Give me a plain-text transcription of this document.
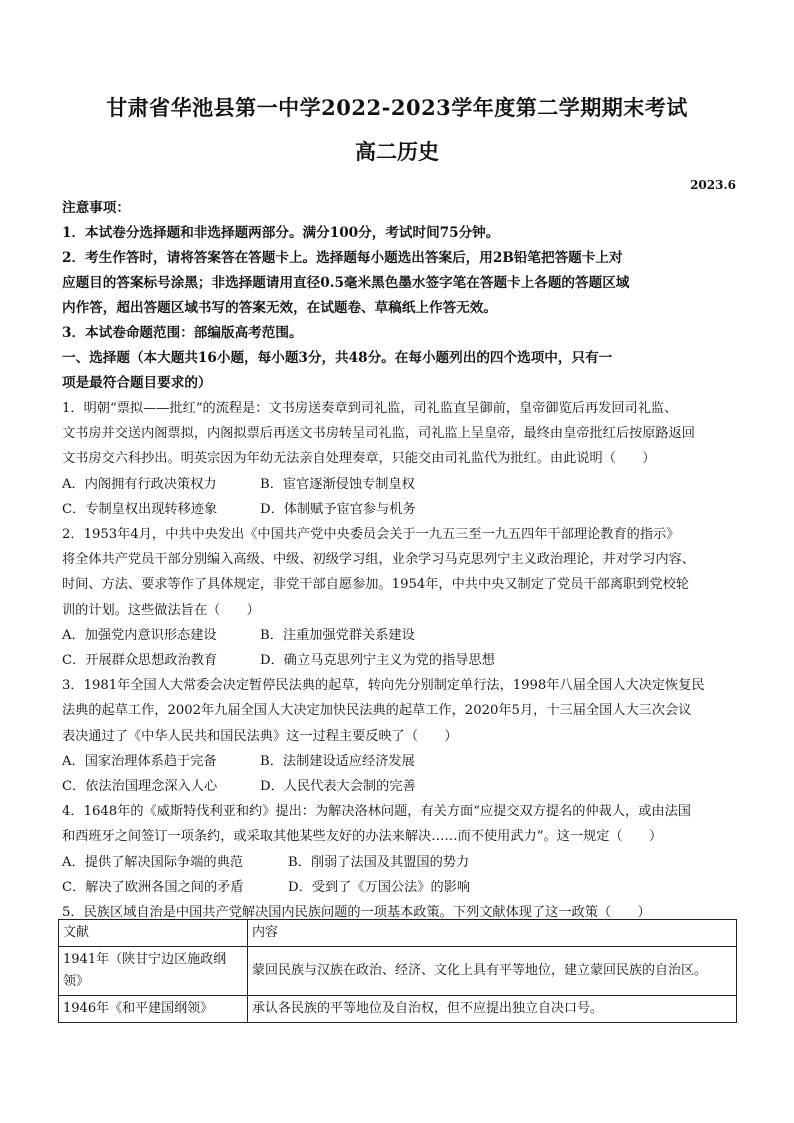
甘肃省华池县第一中学2022-2023学年度第二学期期末考试
高二历史
2023.6
注意事项：
1．本试卷分选择题和非选择题两部分。满分100分，考试时间75分钟。
2．考生作答时，请将答案答在答题卡上。选择题每小题选出答案后，用2B铅笔把答题卡上对
应题目的答案标号涂黑；非选择题请用直径0.5毫米黑色墨水签字笔在答题卡上各题的答题区域
内作答，超出答题区域书写的答案无效，在试题卷、草稿纸上作答无效。
3．本试卷命题范围：部编版高考范围。
一、选择题（本大题共16小题，每小题3分，共48分。在每小题列出的四个选项中，只有一
项是最符合题目要求的）
1．明朝“票拟——批红”的流程是：文书房送奏章到司礼监，司礼监直呈御前，皇帝御览后再发回司礼监、
文书房并交送内阁票拟，内阁拟票后再送文书房转呈司礼监，司礼监上呈皇帝，最终由皇帝批红后按原路返回
文书房交六科抄出。明英宗因为年幼无法亲自处理奏章，只能交由司礼监代为批红。由此说明（　　）
A．内阁拥有行政决策权力	B．宦官逐渐侵蚀专制皇权
C．专制皇权出现转移迹象	D．体制赋予宦官参与机务
2．1953年4月，中共中央发出《中国共产党中央委员会关于一九五三至一九五四年干部理论教育的指示》
将全体共产党员干部分别编入高级、中级、初级学习组，业余学习马克思列宁主义政治理论，并对学习内容、
时间、方法、要求等作了具体规定，非党干部自愿参加。1954年，中共中央又制定了党员干部离职到党校轮
训的计划。这些做法旨在（　　）
A．加强党内意识形态建设	B．注重加强党群关系建设
C．开展群众思想政治教育	D．确立马克思列宁主义为党的指导思想
3．1981年全国人大常委会决定暂停民法典的起草，转向先分别制定单行法，1998年八届全国人大决定恢复民
法典的起草工作，2002年九届全国人大决定加快民法典的起草工作，2020年5月，十三届全国人大三次会议
表决通过了《中华人民共和国民法典》这一过程主要反映了（　　）
A．国家治理体系趋于完备	B．法制建设适应经济发展
C．依法治国理念深入人心	D．人民代表大会制的完善
4．1648年的《威斯特伐利亚和约》提出：为解决洛林问题，有关方面“应提交双方提名的仲裁人，或由法国
和西班牙之间签订一项条约，或采取其他某些友好的办法来解决……而不使用武力”。这一规定（　　）
A．提供了解决国际争端的典范	B．削弱了法国及其盟国的势力
C．解决了欧洲各国之间的矛盾	D．受到了《万国公法》的影响
5．民族区域自治是中国共产党解决国内民族问题的一项基本政策。下列文献体现了这一政策（　　）
文献	内容
1941年（陕甘宁边区施政纲领》	蒙回民族与汉族在政治、经济、文化上具有平等地位，建立蒙回民族的自治区。
1946年《和平建国纲领》	承认各民族的平等地位及自治权，但不应提出独立自决口号。
